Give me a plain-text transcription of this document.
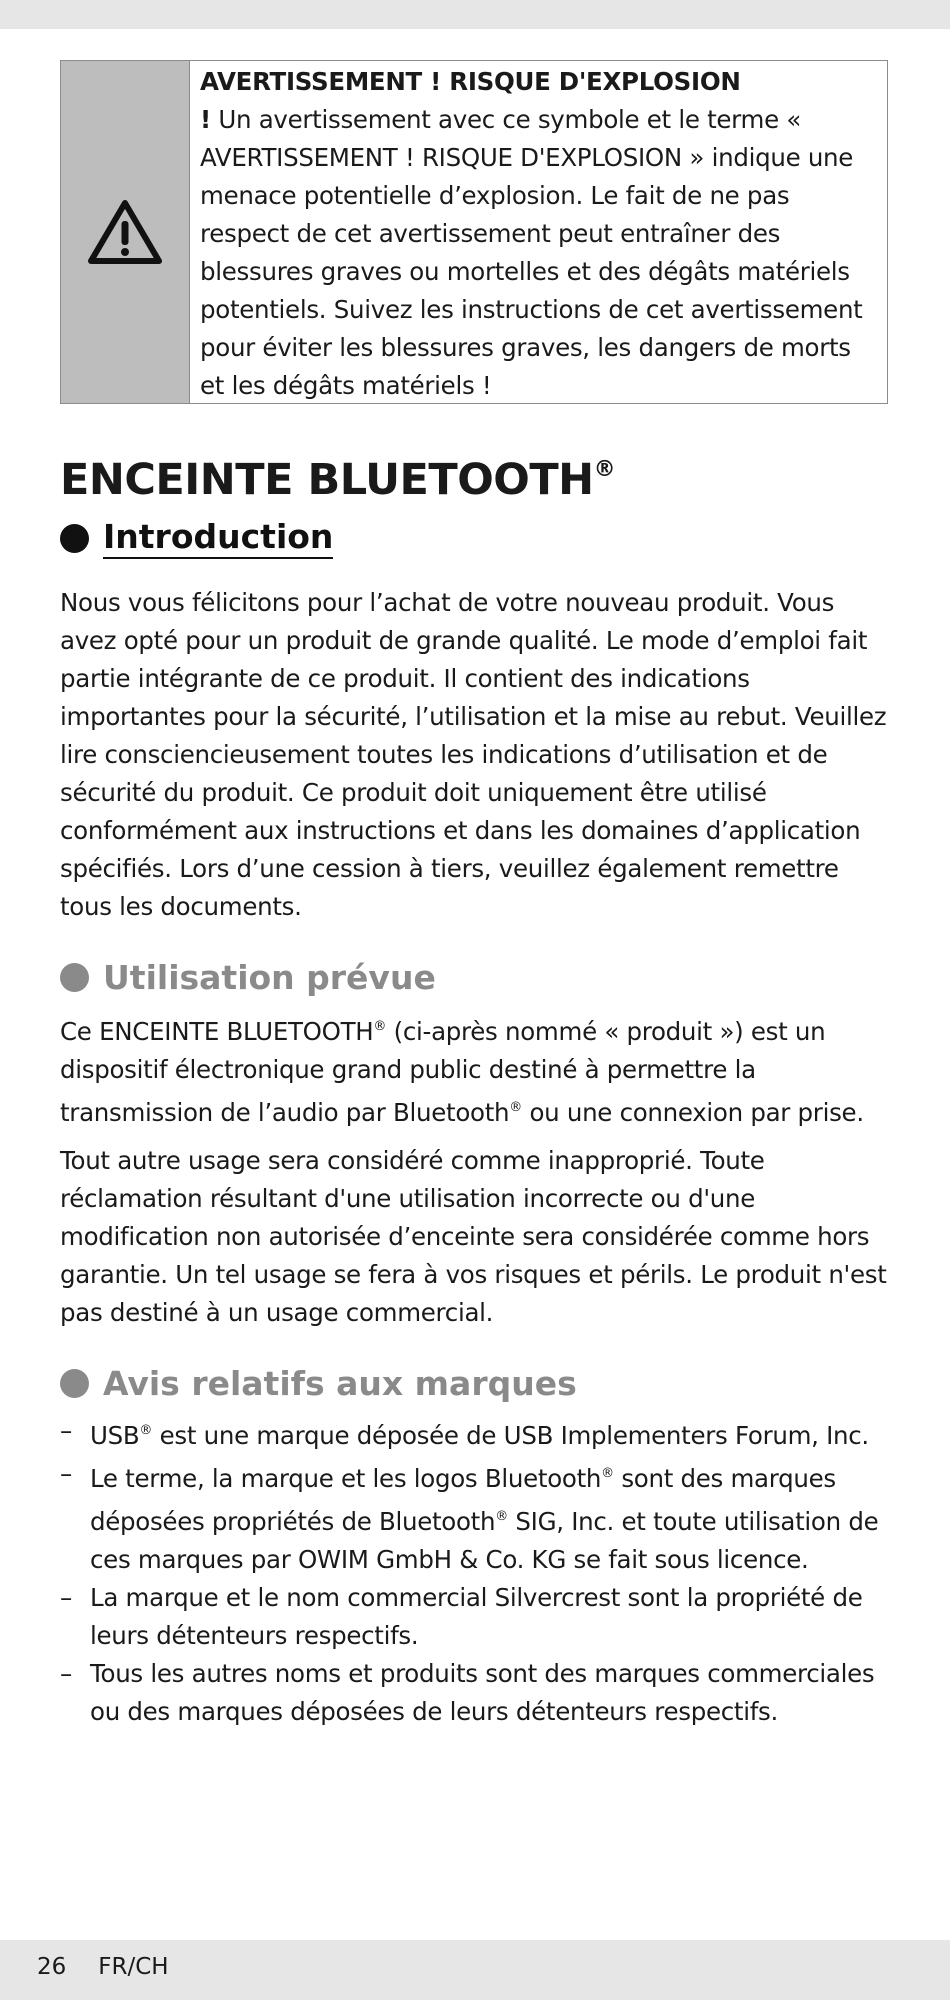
AVERTISSEMENT ! RISQUE D'EXPLOSION
! Un avertissement avec ce symbole et le terme « AVERTISSEMENT ! RISQUE D'EXPLOSION » indique une menace potentielle d’explosion. Le fait de ne pas respect de cet avertissement peut entraîner des blessures graves ou mortelles et des dégâts matériels potentiels. Suivez les instructions de cet avertissement pour éviter les blessures graves, les dangers de morts et les dégâts matériels !
ENCEINTE BLUETOOTH®
Introduction

Nous vous félicitons pour l’achat de votre nouveau produit. Vous avez opté pour un produit de grande qualité. Le mode d’emploi fait partie intégrante de ce produit. Il contient des indications importantes pour la sécurité, l’utilisation et la mise au rebut. Veuillez lire consciencieusement toutes les indications d’utilisation et de sécurité du produit. Ce produit doit uniquement être utilisé conformément aux instructions et dans les domaines d’application spécifiés. Lors d’une cession à tiers, veuillez également remettre tous les documents.

Utilisation prévue

Ce ENCEINTE BLUETOOTH® (ci-après nommé « produit ») est un dispositif électronique grand public destiné à permettre la transmission de l’audio par Bluetooth® ou une connexion par prise.

Tout autre usage sera considéré comme inapproprié. Toute réclamation résultant d'une utilisation incorrecte ou d'une modification non autorisée d’enceinte sera considérée comme hors garantie. Un tel usage se fera à vos risques et périls. Le produit n'est pas destiné à un usage commercial.

Avis relatifs aux marques
– USB® est une marque déposée de USB Implementers Forum, Inc.
– Le terme, la marque et les logos Bluetooth® sont des marques déposées propriétés de Bluetooth® SIG, Inc. et toute utilisation de ces marques par OWIM GmbH & Co. KG se fait sous licence.
– La marque et le nom commercial Silvercrest sont la propriété de leurs détenteurs respectifs.
– Tous les autres noms et produits sont des marques commerciales ou des marques déposées de leurs détenteurs respectifs.
26 FR/CH
